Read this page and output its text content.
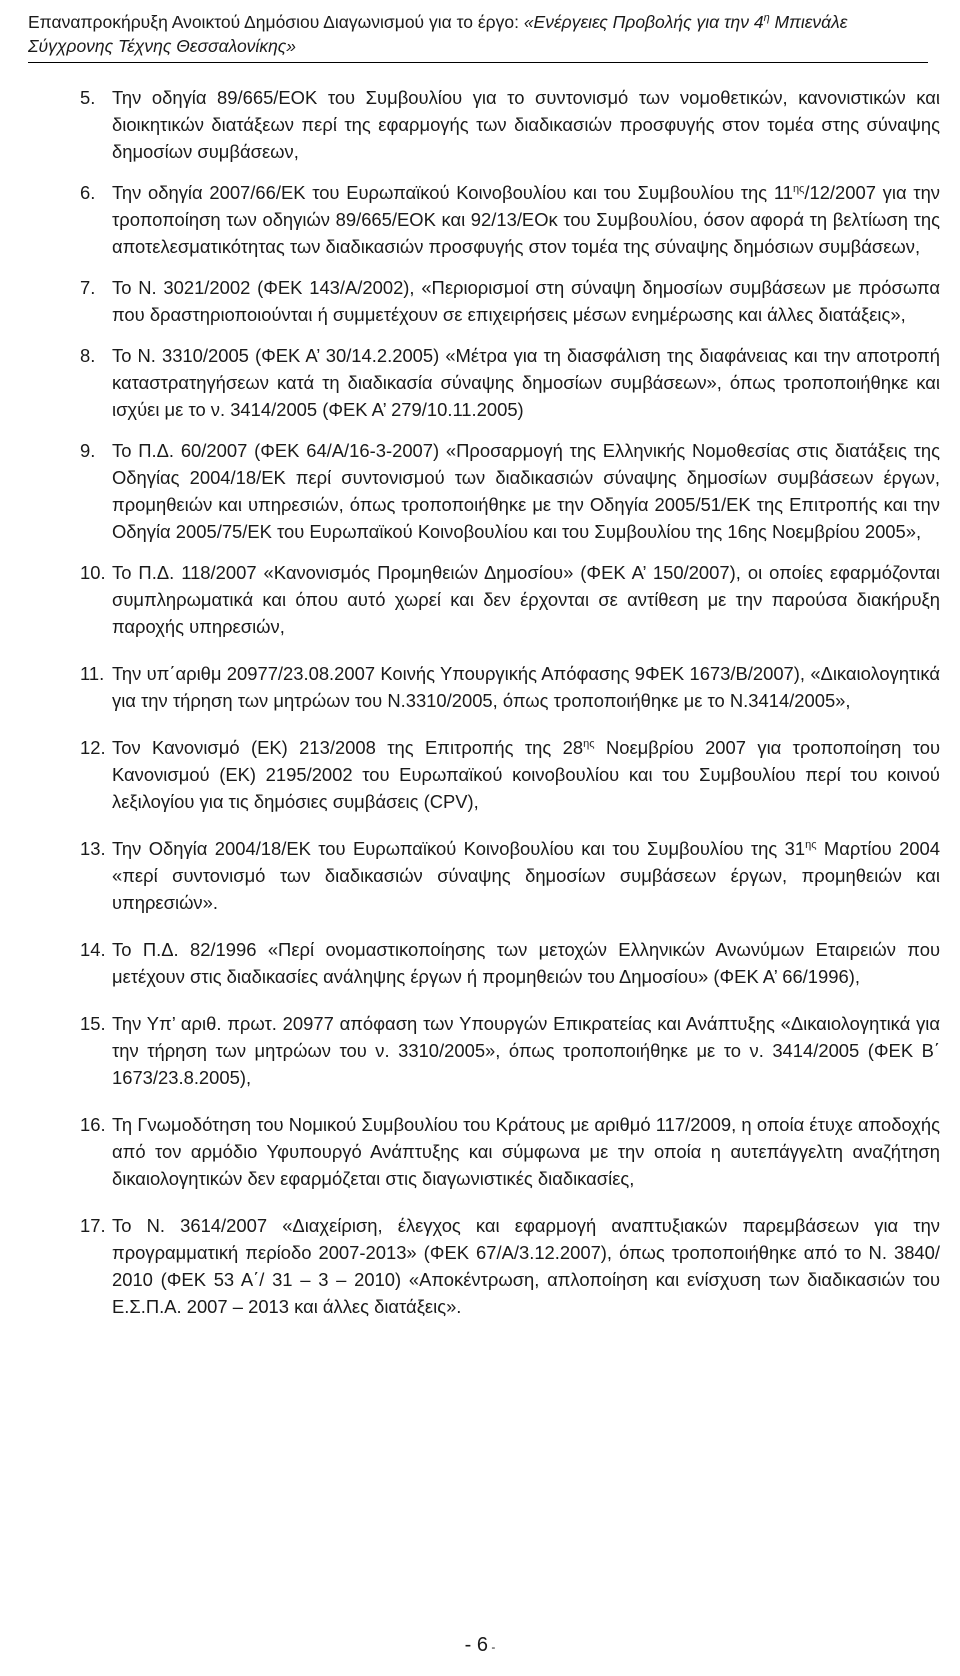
Επαναπροκήρυξη Ανοικτού Δημόσιου Διαγωνισμού για το έργο: «Ενέργειες Προβολής για την $4^\eta$ Μπιενάλε
Σύγχρονης Τέχνης Θεσσαλονίκης»
5. Την οδηγία 89/665/ΕΟΚ του Συμβουλίου για το συντονισμό των νομοθετικών, κανονιστικών και διοικητικών διατάξεων περί της εφαρμογής των διαδικασιών προσφυγής στον τομέα στης σύναψης δημοσίων συμβάσεων,
6. Την οδηγία 2007/66/ΕΚ του Ευρωπαϊκού Κοινοβουλίου και του Συμβουλίου της $11^{\eta\varsigma}/12/2007$ για την τροποποίηση των οδηγιών 89/665/ΕΟΚ και 92/13/ΕΟκ του Συμβουλίου, όσον αφορά τη βελτίωση της αποτελεσματικότητας των διαδικασιών προσφυγής στον τομέα της σύναψης δημόσιων συμβάσεων,
7. Το Ν. 3021/2002 (ΦΕΚ 143/Α/2002), «Περιορισμοί στη σύναψη δημοσίων συμβάσεων με πρόσωπα που δραστηριοποιούνται ή συμμετέχουν σε επιχειρήσεις μέσων ενημέρωσης και άλλες διατάξεις»,
8. Το Ν. 3310/2005 (ΦΕΚ Α’ 30/14.2.2005) «Μέτρα για τη διασφάλιση της διαφάνειας και την αποτροπή καταστρατηγήσεων κατά τη διαδικασία σύναψης δημοσίων συμβάσεων», όπως τροποποιήθηκε και ισχύει με το ν. 3414/2005 (ΦΕΚ Α’ 279/10.11.2005)
9. Το Π.Δ. 60/2007 (ΦΕΚ 64/Α/16-3-2007) «Προσαρμογή της Ελληνικής Νομοθεσίας στις διατάξεις της Οδηγίας 2004/18/ΕΚ περί συντονισμού των διαδικασιών σύναψης δημοσίων συμβάσεων έργων, προμηθειών και υπηρεσιών, όπως τροποποιήθηκε με την Οδηγία 2005/51/ΕΚ της Επιτροπής και την Οδηγία 2005/75/ΕΚ του Ευρωπαϊκού Κοινοβουλίου και του Συμβουλίου της 16ης Νοεμβρίου 2005»,
10. Το Π.Δ. 118/2007 «Κανονισμός Προμηθειών Δημοσίου» (ΦΕΚ Α’ 150/2007), οι οποίες εφαρμόζονται συμπληρωματικά και όπου αυτό χωρεί και δεν έρχονται σε αντίθεση με την παρούσα διακήρυξη παροχής υπηρεσιών,
11. Την υπ΄αριθμ 20977/23.08.2007 Κοινής Υπουργικής Απόφασης 9ΦΕΚ 1673/Β/2007), «Δικαιολογητικά για την τήρηση των μητρώων του Ν.3310/2005, όπως τροποποιήθηκε με το Ν.3414/2005»,
12. Τον Κανονισμό (ΕΚ) 213/2008 της Επιτροπής της $28^{\eta\varsigma}$ Νοεμβρίου 2007 για τροποποίηση του Κανονισμού (ΕΚ) 2195/2002 του Ευρωπαϊκού κοινοβουλίου και του Συμβουλίου περί του κοινού λεξιλογίου για τις δημόσιες συμβάσεις (CPV),
13. Την Οδηγία 2004/18/ΕΚ του Ευρωπαϊκού Κοινοβουλίου και του Συμβουλίου της $31^{\eta\varsigma}$ Μαρτίου 2004 «περί συντονισμό των διαδικασιών σύναψης δημοσίων συμβάσεων έργων, προμηθειών και υπηρεσιών».
14. Το Π.Δ. 82/1996 «Περί ονομαστικοποίησης των μετοχών Ελληνικών Ανωνύμων Εταιρειών που μετέχουν στις διαδικασίες ανάληψης έργων ή προμηθειών του Δημοσίου» (ΦΕΚ Α’ 66/1996),
15. Την Υπ’ αριθ. πρωτ. 20977 απόφαση των Υπουργών Επικρατείας και Ανάπτυξης «Δικαιολογητικά για την τήρηση των μητρώων του ν. 3310/2005», όπως τροποποιήθηκε με το ν. 3414/2005 (ΦΕΚ Β΄ 1673/23.8.2005),
16. Τη Γνωμοδότηση του Νομικού Συμβουλίου του Κράτους με αριθμό 117/2009, η οποία έτυχε αποδοχής από τον αρμόδιο Υφυπουργό Ανάπτυξης και σύμφωνα με την οποία η αυτεπάγγελτη αναζήτηση δικαιολογητικών δεν εφαρμόζεται στις διαγωνιστικές διαδικασίες,
17. Το Ν. 3614/2007 «Διαχείριση, έλεγχος και εφαρμογή αναπτυξιακών παρεμβάσεων για την προγραμματική περίοδο 2007-2013» (ΦΕΚ 67/Α/3.12.2007), όπως τροποποιήθηκε από το Ν. 3840/ 2010 (ΦΕΚ 53 Α΄/ 31 – 3 – 2010) «Αποκέντρωση, απλοποίηση και ενίσχυση των διαδικασιών του Ε.Σ.Π.Α. 2007 – 2013 και άλλες διατάξεις».
- 6 -
